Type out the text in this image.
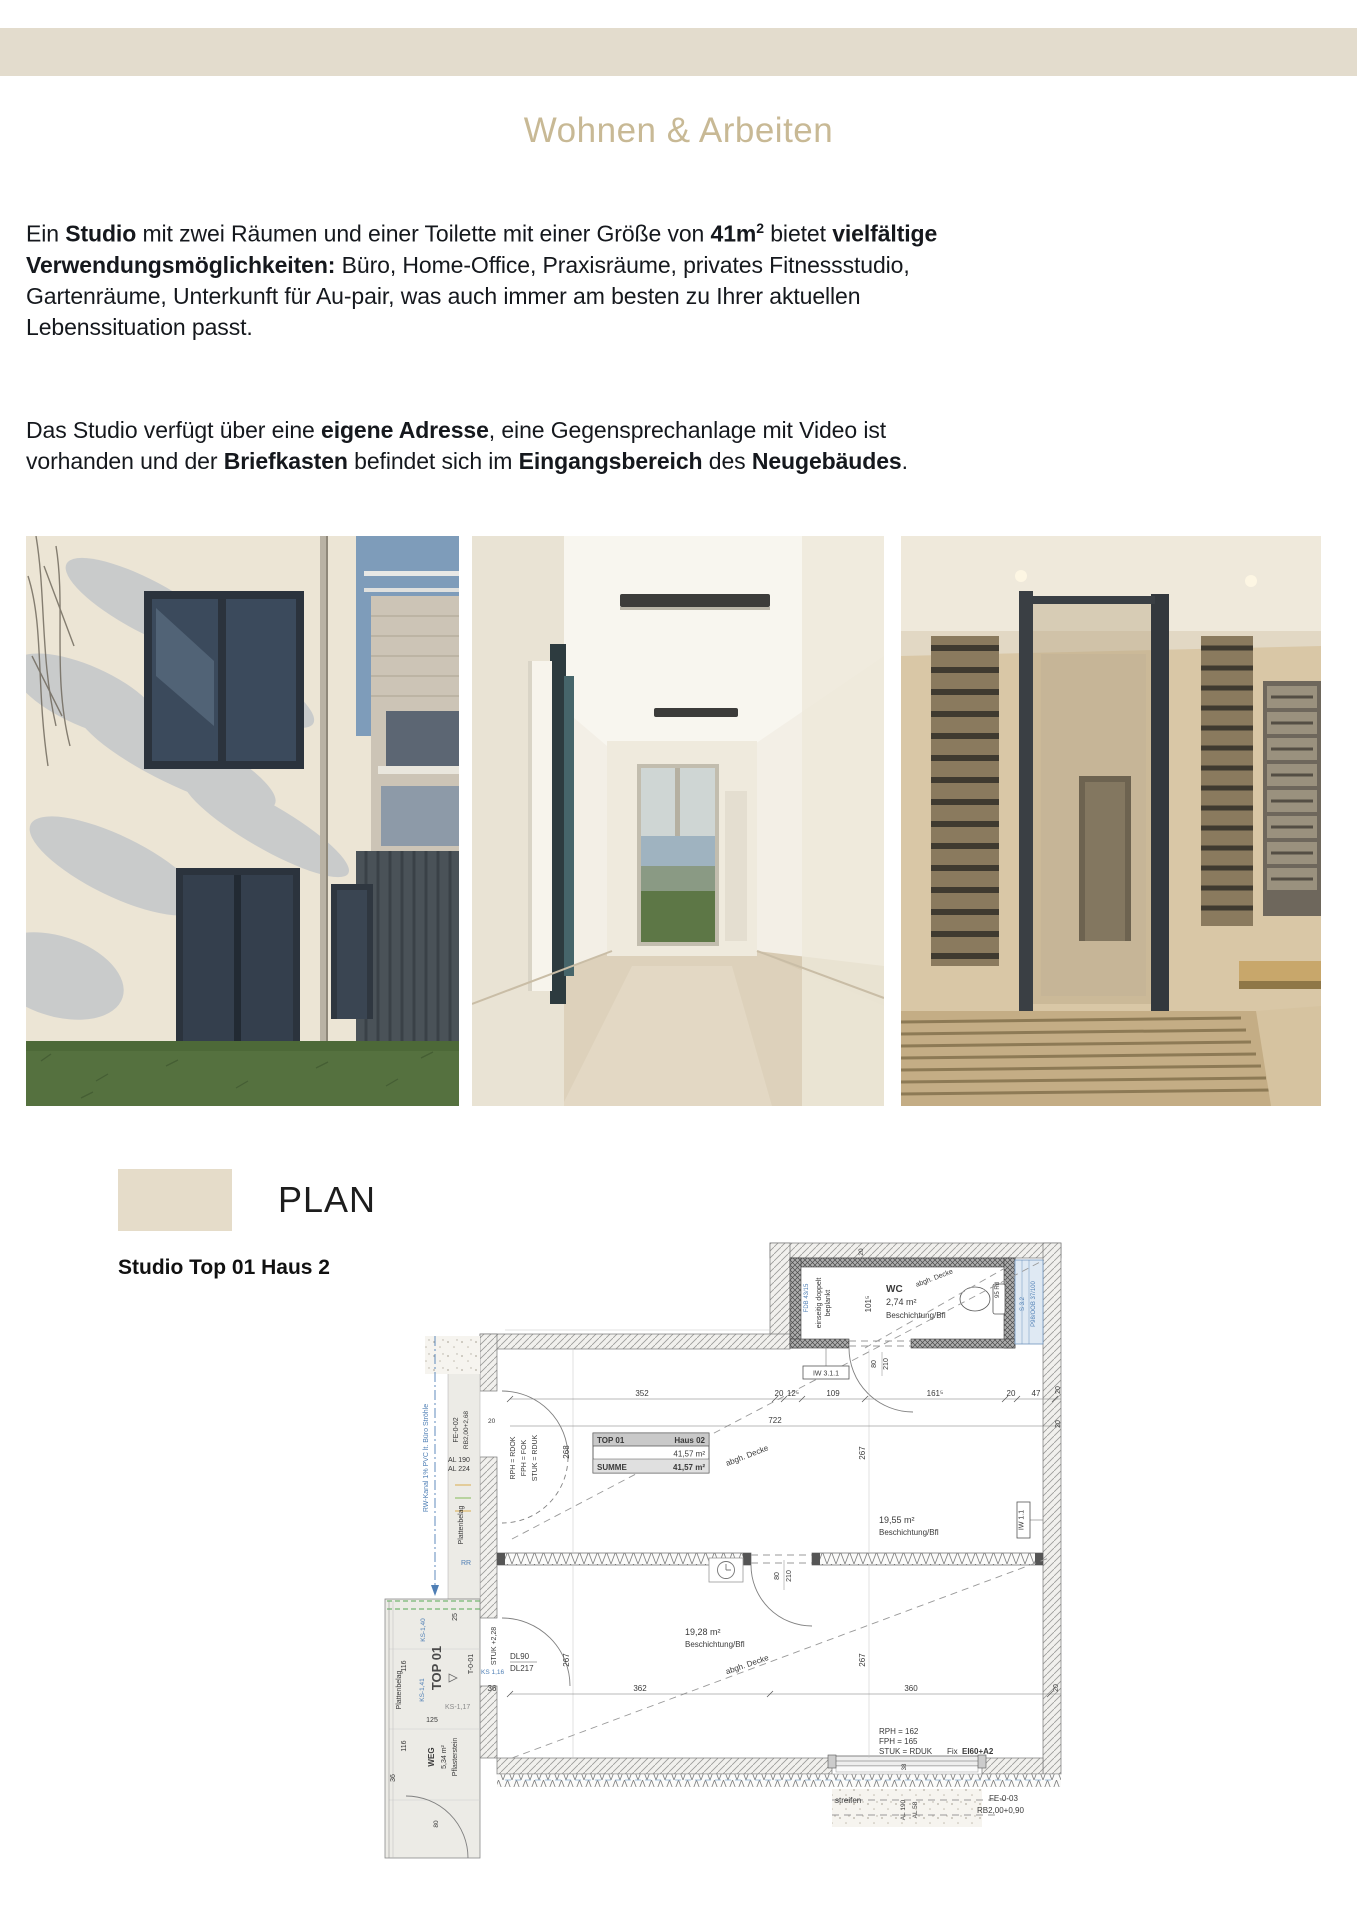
Wohnen & Arbeiten

Ein Studio mit zwei Räumen und einer Toilette mit einer Größe von $41m^2$ bietet vielfältige
Verwendungsmöglichkeiten: Büro, Home-Office, Praxisräume, privates Fitnessstudio,
Gartenräume, Unterkunft für Au-pair, was auch immer am besten zu Ihrer aktuellen
Lebenssituation passt.

Das Studio verfügt über eine eigene Adresse, eine Gegensprechanlage mit Video ist
vorhanden und der Briefkasten befindet sich im Eingangsbereich des Neugebäudes.

PLAN
Studio Top 01 Haus 2
352	20 12⁵	109	161⁵	20 47 20
722	20
20
36	362	360	20
268	267
267	267
WC
2,74 m²
Beschichtung/Bfl
101⁵
einseitig doppelt beplankt
FDB 43/15	95 Rd
S 3.2 P98/OOB 37/100
20
80 210
IW 3.1.1
abgh. Decke
abgh. Decke
abgh. Decke
TOP 01	Haus 02
41,57 m²
SUMME	41,57 m²
RPH = RDOK FPH = FOK STUK = RDUK
19,55 m²
Beschichtung/Bfl
IW 1.1
19,28 m²
Beschichtung/Bfl
80 210
DL90
DL217
RPH = 162
FPH = 165
STUK = RDUK Fix EI60+A2
38
streifen	AL 190 AL 58
FE-0-03
RB2,00+0,90
RW-Kanal 1% PVC lt. Büro Ströhle	FE-0-02 RB2,00+2,68
AL 190
AL 224
Plattenbelag
RR
KS-1,40
25
TOP 01	T-0-01 STUK +2,28
KS 1,16
116
Plattenbelag KS-1,41
KS-1,17
125
WEG 5,34 m² Pflasterstein
116
36
80
